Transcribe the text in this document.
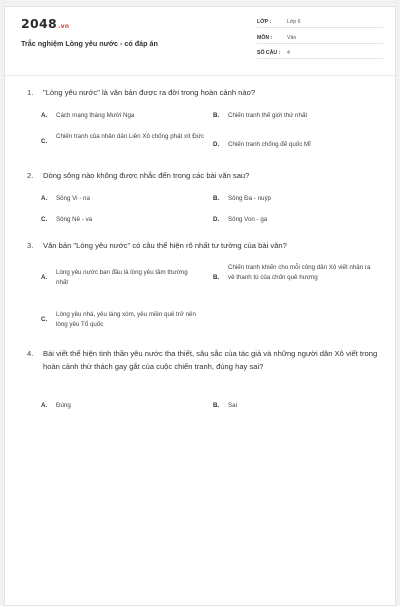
2048.vn
Trắc nghiệm Lòng yêu nước - có đáp án
LỚP :	Lớp 6
MÔN :	Văn
SỐ CÂU : 4
1. "Lòng yêu nước" là văn bản được ra đời trong hoàn cảnh nào?
A. Cách mạng tháng Mười Nga	B. Chiến tranh thế giới thứ nhất
C.
Chiến tranh của nhân dân Liên Xô chống phát xít Đức
D. Chiến tranh chống đế quốc Mĩ
2. Dòng sông nào không được nhắc đến trong các bài văn sau?
A. Sông Vi - na	B. Sông Đa - nuýp
C. Sông Nê - va	D. Sông Von - ga
3. Văn bản "Lòng yêu nước" có câu thể hiện rõ nhất tư tưởng của bài văn?
A.
Lòng yêu nước ban đầu là lòng yêu tầm thường nhất
B.
Chiến tranh khiến cho mỗi công dân Xô viết nhận ra vẻ thanh tú của chốn quê hương
C.
Lòng yêu nhà, yêu láng xóm, yêu miền quê trở nên lòng yêu Tổ quốc
4. Bài viết thể hiện tinh thần yêu nước tha thiết, sâu sắc của tác giả và những người dân Xô viết trong hoàn cảnh thử thách gay gắt của cuộc chiến tranh, đúng hay sai?
A. Đúng	B. Sai
